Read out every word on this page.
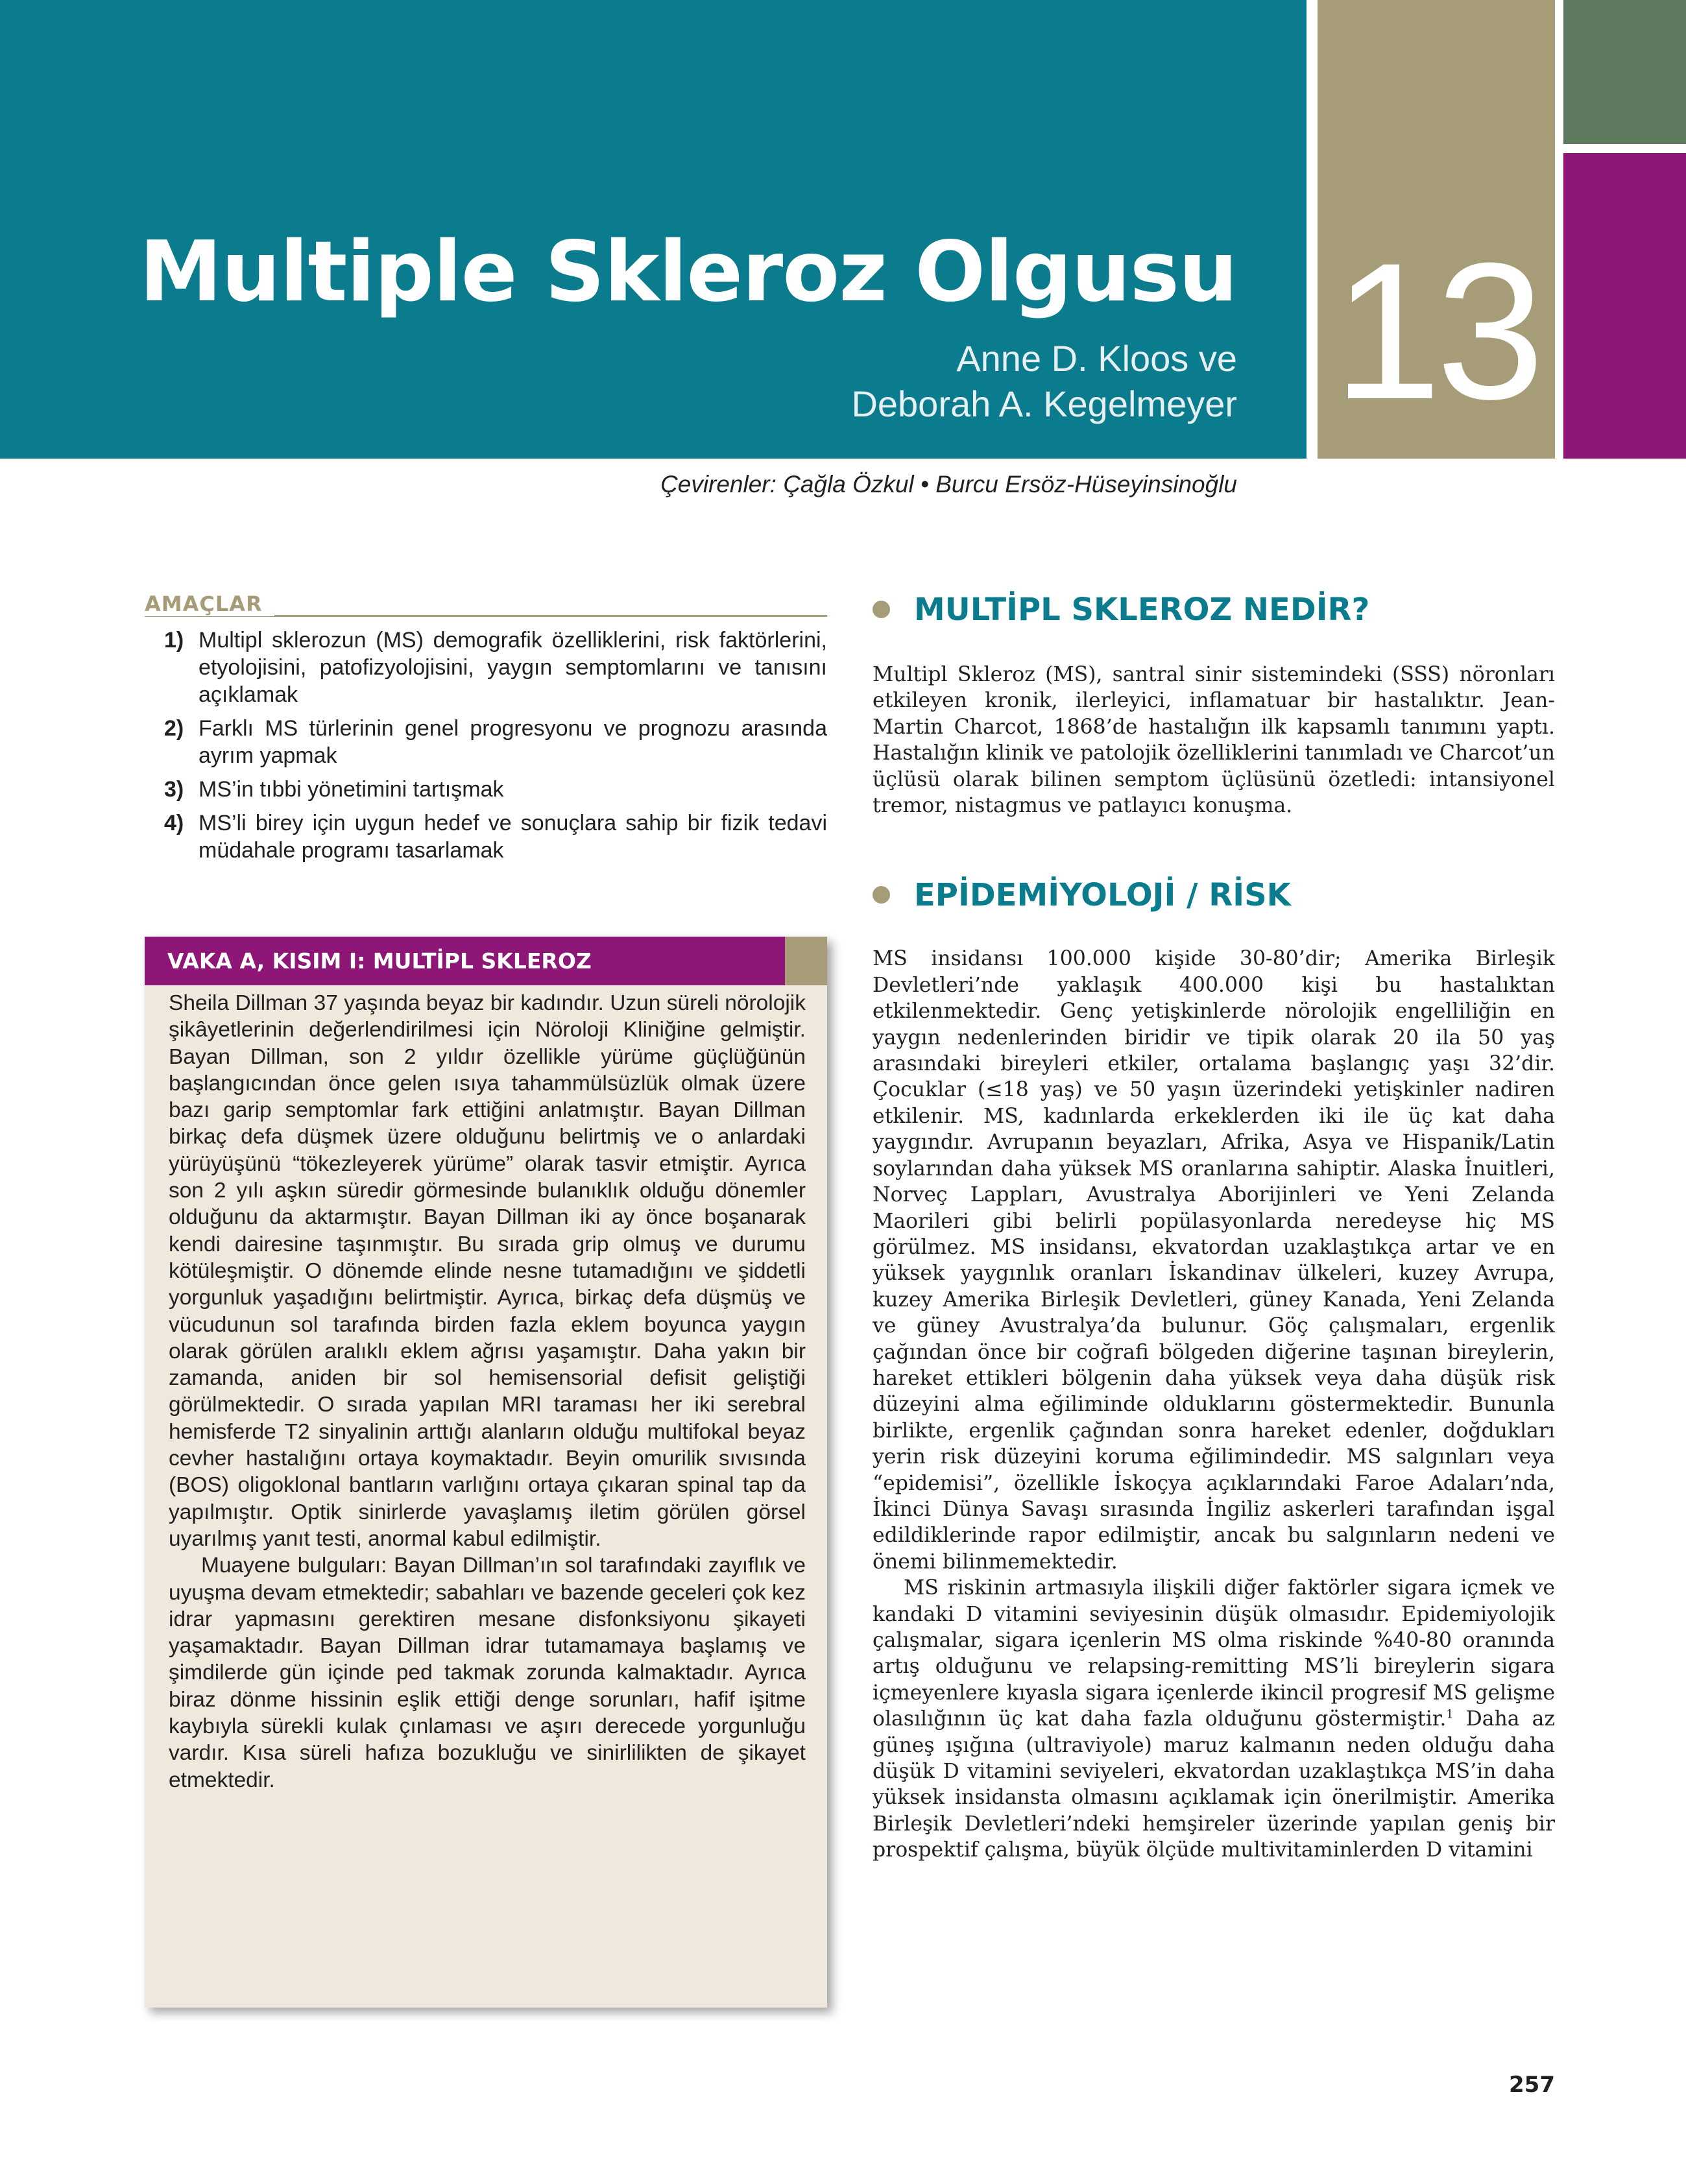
Multiple Skleroz Olgusu
Anne D. Kloos ve
Deborah A. Kegelmeyer 13
Çevirenler: Çağla Özkul • Burcu Ersöz-Hüseyinsinoğlu
AMAÇLAR
1) Multipl sklerozun (MS) demografik özelliklerini, risk faktörlerini, etyolojisini, patofizyolojisini, yaygın semptomlarını ve tanısını açıklamak
2) Farklı MS türlerinin genel progresyonu ve prognozu arasında ayrım yapmak
3) MS’in tıbbi yönetimini tartışmak
4) MS’li birey için uygun hedef ve sonuçlara sahip bir fizik tedavi müdahale programı tasarlamak
VAKA A, KISIM I: MULTİPL SKLEROZ

Sheila Dillman 37 yaşında beyaz bir kadındır. Uzun süreli nörolojik şikâyetlerinin değerlendirilmesi için Nöroloji Kliniğine gelmiştir. Bayan Dillman, son 2 yıldır özellikle yürüme güçlüğünün başlangıcından önce gelen ısıya tahammülsüzlük olmak üzere bazı garip semptomlar fark ettiğini anlatmıştır. Bayan Dillman birkaç defa düşmek üzere olduğunu belirtmiş ve o anlardaki yürüyüşünü “tökezleyerek yürüme” olarak tasvir etmiştir. Ayrıca son 2 yılı aşkın süredir görmesinde bulanıklık olduğu dönemler olduğunu da aktarmıştır. Bayan Dillman iki ay önce boşanarak kendi dairesine taşınmıştır. Bu sırada grip olmuş ve durumu kötüleşmiştir. O dönemde elinde nesne tutamadığını ve şiddetli yorgunluk yaşadığını belirtmiştir. Ayrıca, birkaç defa düşmüş ve vücudunun sol tarafında birden fazla eklem boyunca yaygın olarak görülen aralıklı eklem ağrısı yaşamıştır. Daha yakın bir zamanda, aniden bir sol hemisensorial defisit geliştiği görülmektedir. O sırada yapılan MRI taraması her iki serebral hemisferde T2 sinyalinin arttığı alanların olduğu multifokal beyaz cevher hastalığını ortaya koymaktadır. Beyin omurilik sıvısında (BOS) oligoklonal bantların varlığını ortaya çıkaran spinal tap da yapılmıştır. Optik sinirlerde yavaşlamış iletim görülen görsel uyarılmış yanıt testi, anormal kabul edilmiştir.

Muayene bulguları: Bayan Dillman’ın sol tarafındaki zayıflık ve uyuşma devam etmektedir; sabahları ve bazende geceleri çok kez idrar yapmasını gerektiren mesane disfonksiyonu şikayeti yaşamaktadır. Bayan Dillman idrar tutamamaya başlamış ve şimdilerde gün içinde ped takmak zorunda kalmaktadır. Ayrıca biraz dönme hissinin eşlik ettiği denge sorunları, hafif işitme kaybıyla sürekli kulak çınlaması ve aşırı derecede yorgunluğu vardır. Kısa süreli hafıza bozukluğu ve sinirlilikten de şikayet etmektedir.

MULTİPL SKLEROZ NEDİR?

Multipl Skleroz (MS), santral sinir sistemindeki (SSS) nöronları etkileyen kronik, ilerleyici, inflamatuar bir hastalıktır. Jean-Martin Charcot, 1868’de hastalığın ilk kapsamlı tanımını yaptı. Hastalığın klinik ve patolojik özelliklerini tanımladı ve Charcot’un üçlüsü olarak bilinen semptom üçlüsünü özetledi: intansiyonel tremor, nistagmus ve patlayıcı konuşma.

EPİDEMİYOLOJİ / RİSK

MS insidansı 100.000 kişide 30-80’dir; Amerika Birleşik Devletleri’nde yaklaşık 400.000 kişi bu hastalıktan etkilenmektedir. Genç yetişkinlerde nörolojik engelliliğin en yaygın nedenlerinden biridir ve tipik olarak 20 ila 50 yaş arasındaki bireyleri etkiler, ortalama başlangıç yaşı 32’dir. Çocuklar (≤18 yaş) ve 50 yaşın üzerindeki yetişkinler nadiren etkilenir. MS, kadınlarda erkeklerden iki ile üç kat daha yaygındır. Avrupanın beyazları, Afrika, Asya ve Hispanik/Latin soylarından daha yüksek MS oranlarına sahiptir. Alaska İnuitleri, Norveç Lappları, Avustralya Aborijinleri ve Yeni Zelanda Maorileri gibi belirli popülasyonlarda neredeyse hiç MS görülmez. MS insidansı, ekvatordan uzaklaştıkça artar ve en yüksek yaygınlık oranları İskandinav ülkeleri, kuzey Avrupa, kuzey Amerika Birleşik Devletleri, güney Kanada, Yeni Zelanda ve güney Avustralya’da bulunur. Göç çalışmaları, ergenlik çağından önce bir coğrafi bölgeden diğerine taşınan bireylerin, hareket ettikleri bölgenin daha yüksek veya daha düşük risk düzeyini alma eğiliminde olduklarını göstermektedir. Bununla birlikte, ergenlik çağından sonra hareket edenler, doğdukları yerin risk düzeyini koruma eğilimindedir. MS salgınları veya “epidemisi”, özellikle İskoçya açıklarındaki Faroe Adaları’nda, İkinci Dünya Savaşı sırasında İngiliz askerleri tarafından işgal edildiklerinde rapor edilmiştir, ancak bu salgınların nedeni ve önemi bilinmemektedir.

MS riskinin artmasıyla ilişkili diğer faktörler sigara içmek ve kandaki D vitamini seviyesinin düşük olmasıdır. Epidemiyolojik çalışmalar, sigara içenlerin MS olma riskinde %40-80 oranında artış olduğunu ve relapsing-remitting MS’li bireylerin sigara içmeyenlere kıyasla sigara içenlerde ikincil progresif MS gelişme olasılığının üç kat daha fazla olduğunu göstermiştir.$^1$ Daha az güneş ışığına (ultraviyole) maruz kalmanın neden olduğu daha düşük D vitamini seviyeleri, ekvatordan uzaklaştıkça MS’in daha yüksek insidansta olmasını açıklamak için önerilmiştir. Amerika Birleşik Devletleri’ndeki hemşireler üzerinde yapılan geniş bir prospektif çalışma, büyük ölçüde multivitaminlerden D vitamini

257
